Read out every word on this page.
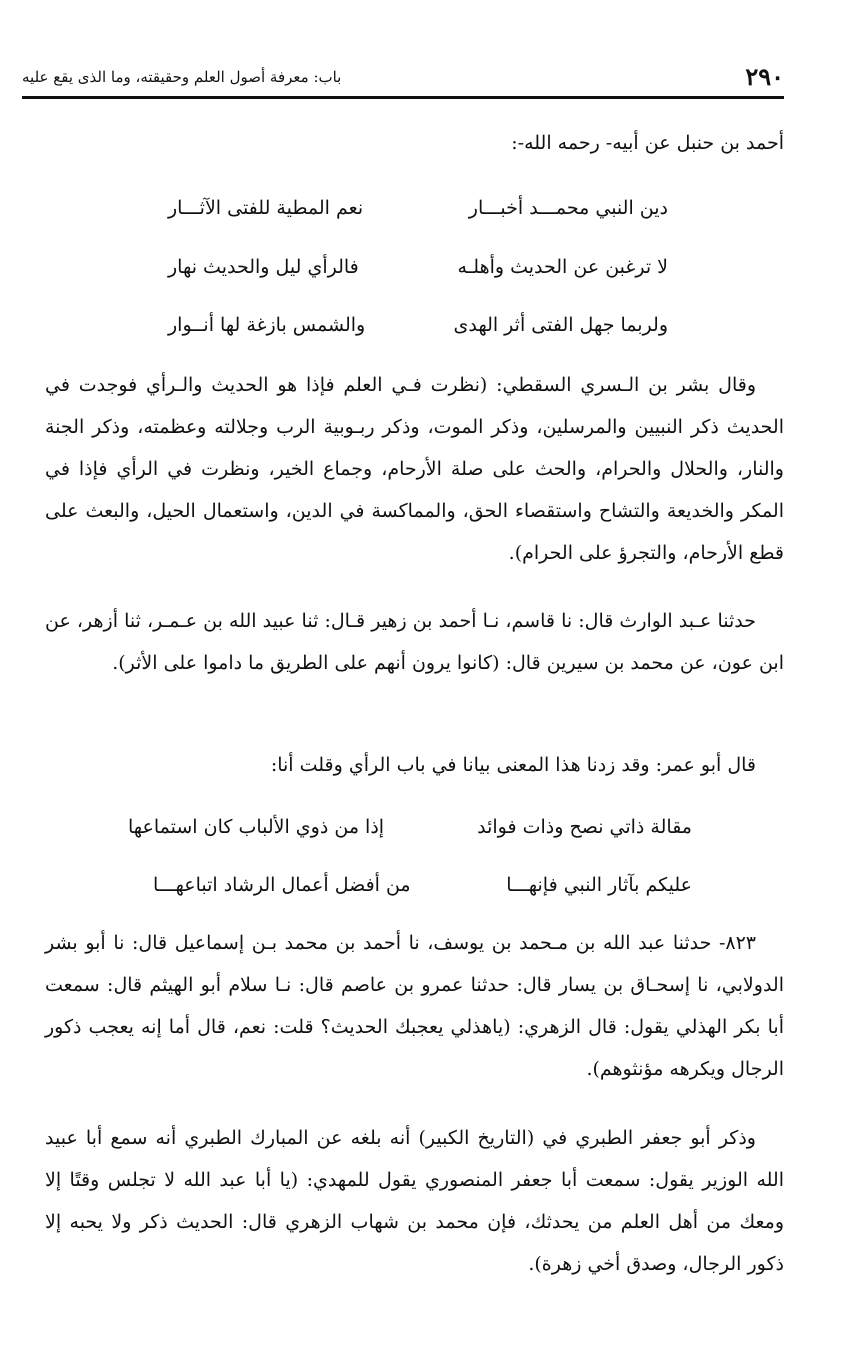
٢٩٠
باب: معرفة أصول العلم وحقيقته، وما الذى يقع عليه

أحمد بن حنبل عن أبيه- رحمه الله-:

دين النبي محمـــد أخبـــار
نعم المطية للفتى الآثـــار
لا ترغبن عن الحديث وأهلـه
فالرأي ليل والحديث نهار
ولربما جهل الفتى أثر الهدى
والشمس بازغة لها أنــوار

وقال بشر بن الـسري السقطي: (نظرت فـي العلم فإذا هو الحديث والـرأي فوجدت في الحديث ذكر النبيين والمرسلين، وذكر الموت، وذكر ربـوبية الرب وجلالته وعظمته، وذكر الجنة والنار، والحلال والحرام، والحث على صلة الأرحام، وجماع الخير، ونظرت في الرأي فإذا في المكر والخديعة والتشاح واستقصاء الحق، والمماكسة في الدين، واستعمال الحيل، والبعث على قطع الأرحام، والتجرؤ على الحرام).

حدثنا عـبد الوارث قال: نا قاسم، نـا أحمد بن زهير قـال: ثنا عبيد الله بن عـمـر، ثنا أزهر، عن ابن عون، عن محمد بن سيرين قال: (كانوا يرون أنهم على الطريق ما داموا على الأثر).

قال أبو عمر: وقد زدنا هذا المعنى بيانا في باب الرأي وقلت أنا:

مقالة ذاتي نصح وذات فوائد
إذا من ذوي الألباب كان استماعها
عليكم بآثار النبي فإنهـــا
من أفضل أعمال الرشاد اتباعهـــا

٨٢٣- حدثنا عبد الله بن مـحمد بن يوسف، نا أحمد بن محمد بـن إسماعيل قال: نا أبو بشر الدولابي، نا إسحـاق بن يسار قال: حدثنا عمرو بن عاصم قال: نـا سلام أبو الهيثم قال: سمعت أبا بكر الهذلي يقول: قال الزهري: (ياهذلي يعجبك الحديث؟ قلت: نعم، قال أما إنه يعجب ذكور الرجال ويكرهه مؤنثوهم).

وذكر أبو جعفر الطبري في (التاريخ الكبير) أنه بلغه عن المبارك الطبري أنه سمع أبا عبيد الله الوزير يقول: سمعت أبا جعفر المنصوري يقول للمهدي: (يا أبا عبد الله لا تجلس وقتًا إلا ومعك من أهل العلم من يحدثك، فإن محمد بن شهاب الزهري قال: الحديث ذكر ولا يحبه إلا ذكور الرجال، وصدق أخي زهرة).
